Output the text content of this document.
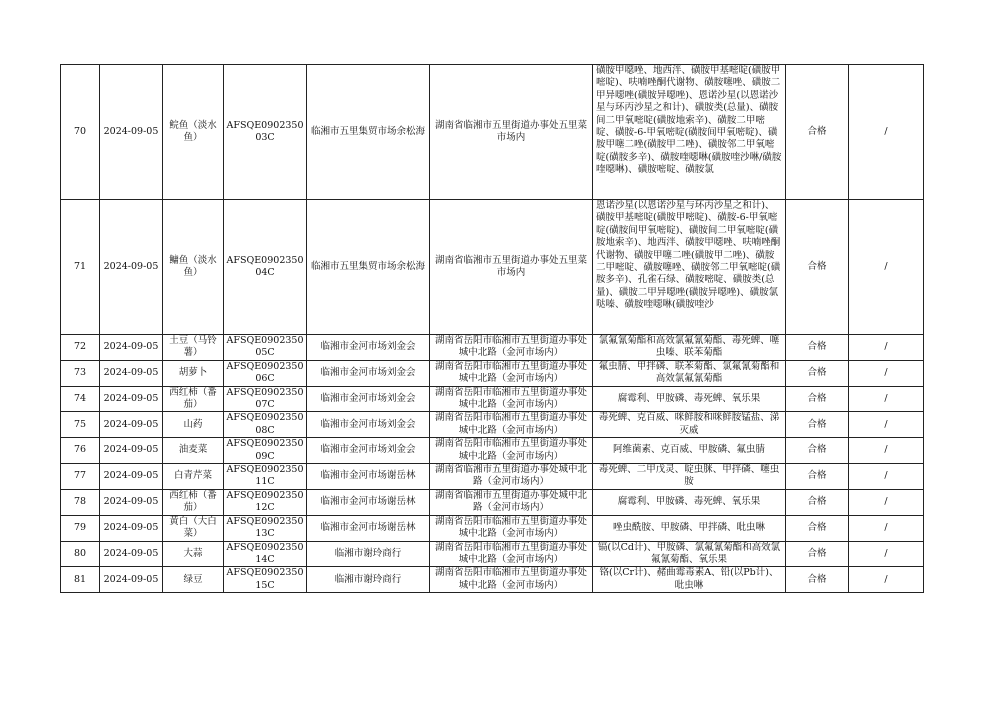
70	2024-09-05	鲩鱼（淡水鱼）	AFSQE090235003C	临湘市五里集贸市场余松海	湖南省临湘市五里街道办事处五里菜市场内	磺胺甲噁唑、地西泮、磺胺甲基嘧啶(磺胺甲嘧啶)、呋喃唑酮代谢物、磺胺噻唑、磺胺二甲异噁唑(磺胺异噁唑)、恩诺沙星(以恩诺沙星与环丙沙星之和计)、磺胺类(总量)、磺胺间二甲氧嘧啶(磺胺地索辛)、磺胺二甲嘧啶、磺胺-6-甲氧嘧啶(磺胺间甲氧嘧啶)、磺胺甲噻二唑(磺胺甲二唑)、磺胺邻二甲氧嘧啶(磺胺多辛)、磺胺喹噁啉(磺胺喹沙啉/磺胺喹噁啉)、磺胺嘧啶、磺胺氯	合格	/
71	2024-09-05	鳙鱼（淡水鱼）	AFSQE090235004C	临湘市五里集贸市场余松海	湖南省临湘市五里街道办事处五里菜市场内	恩诺沙星(以恩诺沙星与环丙沙星之和计)、磺胺甲基嘧啶(磺胺甲嘧啶)、磺胺-6-甲氧嘧啶(磺胺间甲氧嘧啶)、磺胺间二甲氧嘧啶(磺胺地索辛)、地西泮、磺胺甲噁唑、呋喃唑酮代谢物、磺胺甲噻二唑(磺胺甲二唑)、磺胺二甲嘧啶、磺胺噻唑、磺胺邻二甲氧嘧啶(磺胺多辛)、孔雀石绿、磺胺嘧啶、磺胺类(总量)、磺胺二甲异噁唑(磺胺异噁唑)、磺胺氯哒嗪、磺胺喹噁啉(磺胺喹沙	合格	/
72	2024-09-05	土豆（马铃薯）	AFSQE090235005C	临湘市金河市场刘金会	湖南省岳阳市临湘市五里街道办事处城中北路（金河市场内）	氯氟氰菊酯和高效氯氟氰菊酯、毒死蜱、噻虫嗪、联苯菊酯	合格	/
73	2024-09-05	胡萝卜	AFSQE090235006C	临湘市金河市场刘金会	湖南省岳阳市临湘市五里街道办事处城中北路（金河市场内）	氟虫腈、甲拌磷、联苯菊酯、氯氟氰菊酯和高效氯氟氰菊酯	合格	/
74	2024-09-05	西红柿（番茄）	AFSQE090235007C	临湘市金河市场刘金会	湖南省岳阳市临湘市五里街道办事处城中北路（金河市场内）	腐霉利、甲胺磷、毒死蜱、氧乐果	合格	/
75	2024-09-05	山药	AFSQE090235008C	临湘市金河市场刘金会	湖南省岳阳市临湘市五里街道办事处城中北路（金河市场内）	毒死蜱、克百威、咪鲜胺和咪鲜胺锰盐、涕灭威	合格	/
76	2024-09-05	油麦菜	AFSQE090235009C	临湘市金河市场刘金会	湖南省岳阳市临湘市五里街道办事处城中北路（金河市场内）	阿维菌素、克百威、甲胺磷、氟虫腈	合格	/
77	2024-09-05	白青芹菜	AFSQE090235011C	临湘市金河市场谢岳林	湖南省临湘市五里街道办事处城中北路（金河市场内）	毒死蜱、二甲戊灵、啶虫脒、甲拌磷、噻虫胺	合格	/
78	2024-09-05	西红柿（番茄）	AFSQE090235012C	临湘市金河市场谢岳林	湖南省临湘市五里街道办事处城中北路（金河市场内）	腐霉利、甲胺磷、毒死蜱、氧乐果	合格	/
79	2024-09-05	黄白（大白菜）	AFSQE090235013C	临湘市金河市场谢岳林	湖南省岳阳市临湘市五里街道办事处城中北路（金河市场内）	唑虫酰胺、甲胺磷、甲拌磷、吡虫啉	合格	/
80	2024-09-05	大蒜	AFSQE090235014C	临湘市谢玲商行	湖南省岳阳市临湘市五里街道办事处城中北路（金河市场内）	镉(以Cd计)、甲胺磷、氯氟氰菊酯和高效氯氟氰菊酯、氧乐果	合格	/
81	2024-09-05	绿豆	AFSQE090235015C	临湘市谢玲商行	湖南省岳阳市临湘市五里街道办事处城中北路（金河市场内）	铬(以Cr计)、赭曲霉毒素A、铅(以Pb计)、吡虫啉	合格	/
